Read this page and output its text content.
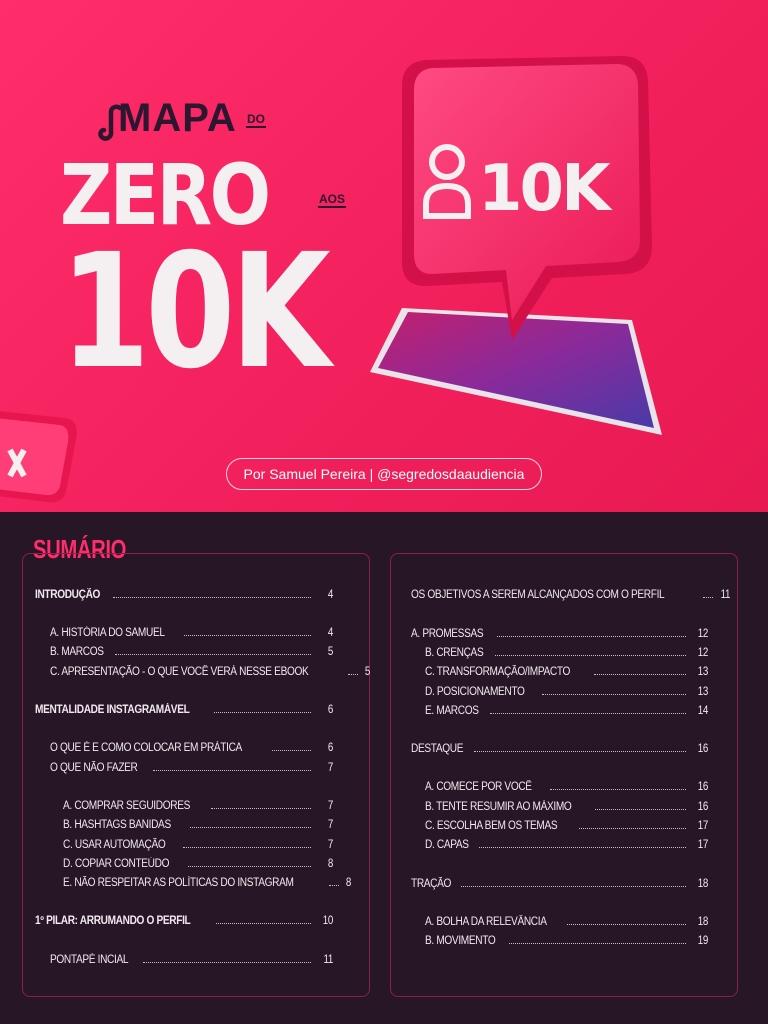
MAPA DO
ZERO	AOS
10K
10K
Por Samuel Pereira | @segredosdaaudiencia
SUMÁRIO
INTRODUÇÃO	4
A. HISTÓRIA DO SAMUEL	4
B. MARCOS	5
C. APRESENTAÇÃO - O QUE VOCÊ VERÁ NESSE EBOOK	5
MENTALIDADE INSTAGRAMÁVEL	6
O QUE É E COMO COLOCAR EM PRÁTICA	6
O QUE NÃO FAZER	7
A. COMPRAR SEGUIDORES	7
B. HASHTAGS BANIDAS	7
C. USAR AUTOMAÇÃO	7
D. COPIAR CONTEÚDO	8
E. NÃO RESPEITAR AS POLÍTICAS DO INSTAGRAM	8
1º PILAR: ARRUMANDO O PERFIL	10
PONTAPÉ INCIAL	11
OS OBJETIVOS A SEREM ALCANÇADOS COM O PERFIL	11
A. PROMESSAS	12
B. CRENÇAS	12
C. TRANSFORMAÇÃO/IMPACTO	13
D. POSICIONAMENTO	13
E. MARCOS	14
DESTAQUE	16
A. COMECE POR VOCÊ	16
B. TENTE RESUMIR AO MÁXIMO	16
C. ESCOLHA BEM OS TEMAS	17
D. CAPAS	17
TRAÇÃO	18
A. BOLHA DA RELEVÂNCIA	18
B. MOVIMENTO	19
